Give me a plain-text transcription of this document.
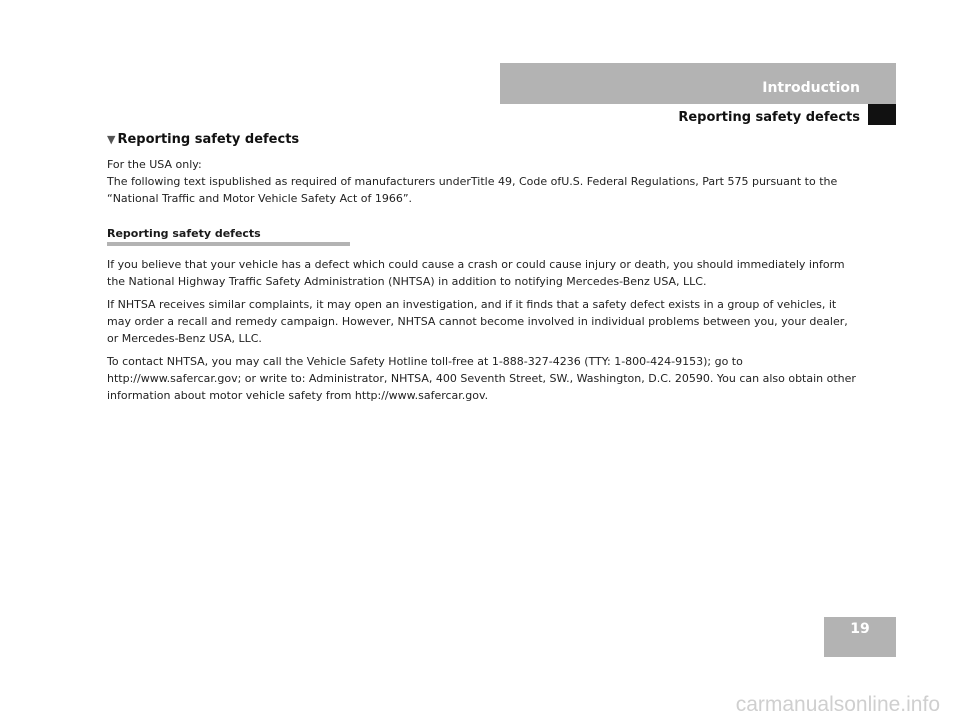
Introduction
Reporting safety defects
▼ Reporting safety defects
For the USA only:
The following text ispublished as required of manufacturers underTitle 49, Code ofU.S. Federal Regulations, Part 575 pursuant to the “National Traffic and Motor Vehicle Safety Act of 1966”.
Reporting safety defects

If you believe that your vehicle has a defect which could cause a crash or could cause injury or death, you should immediately inform the National Highway Traffic Safety Administration (NHTSA) in addition to notifying Mercedes-Benz USA, LLC.

If NHTSA receives similar complaints, it may open an investigation, and if it finds that a safety defect exists in a group of vehicles, it may order a recall and remedy campaign. However, NHTSA cannot become involved in individual problems between you, your dealer, or Mercedes-Benz USA, LLC.

To contact NHTSA, you may call the Vehicle Safety Hotline toll-free at 1-888-327-4236 (TTY: 1-800-424-9153); go to http://www.safercar.gov; or write to: Administrator, NHTSA, 400 Seventh Street, SW., Washington, D.C. 20590. You can also obtain other information about motor vehicle safety from http://www.safercar.gov.

19
carmanualsonline.info
